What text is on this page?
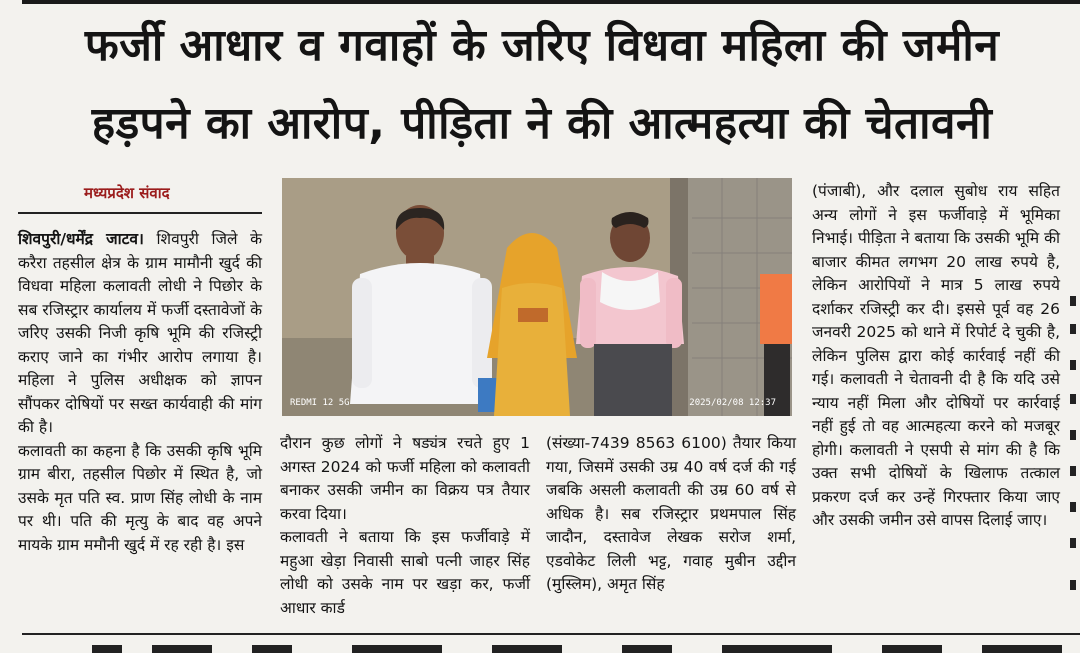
फर्जी आधार व गवाहों के जरिए विधवा महिला की जमीन
हड़पने का आरोप, पीड़िता ने की आत्महत्या की चेतावनी
मध्यप्रदेश संवाद

शिवपुरी/धर्मेंद्र जाटव। शिवपुरी जिले के करैरा तहसील क्षेत्र के ग्राम मामौनी खुर्द की विधवा महिला कलावती लोधी ने पिछोर के सब रजिस्ट्रार कार्यालय में फर्जी दस्तावेजों के जरिए उसकी निजी कृषि भूमि की रजिस्ट्री कराए जाने का गंभीर आरोप लगाया है। महिला ने पुलिस अधीक्षक को ज्ञापन सौंपकर दोषियों पर सख्त कार्यवाही की मांग की है।

कलावती का कहना है कि उसकी कृषि भूमि ग्राम बीरा, तहसील पिछोर में स्थित है, जो उसके मृत पति स्व. प्राण सिंह लोधी के नाम पर थी। पति की मृत्यु के बाद वह अपने मायके ग्राम ममौनी खुर्द में रह रही है। इस

REDMI 12 5G	2025/02/08 12:37

दौरान कुछ लोगों ने षड्यंत्र रचते हुए 1 अगस्त 2024 को फर्जी महिला को कलावती बनाकर उसकी जमीन का विक्रय पत्र तैयार करवा दिया।

कलावती ने बताया कि इस फर्जीवाड़े में महुआ खेड़ा निवासी साबो पत्नी जाहर सिंह लोधी को उसके नाम पर खड़ा कर, फर्जी आधार कार्ड

(संख्या-7439 8563 6100) तैयार किया गया, जिसमें उसकी उम्र 40 वर्ष दर्ज की गई जबकि असली कलावती की उम्र 60 वर्ष से अधिक है। सब रजिस्ट्रार प्रथमपाल सिंह जादौन, दस्तावेज लेखक सरोज शर्मा, एडवोकेट लिली भट्ट, गवाह मुबीन उद्दीन (मुस्लिम), अमृत सिंह

(पंजाबी), और दलाल सुबोध राय सहित अन्य लोगों ने इस फर्जीवाड़े में भूमिका निभाई। पीड़िता ने बताया कि उसकी भूमि की बाजार कीमत लगभग 20 लाख रुपये है, लेकिन आरोपियों ने मात्र 5 लाख रुपये दर्शाकर रजिस्ट्री कर दी। इससे पूर्व वह 26 जनवरी 2025 को थाने में रिपोर्ट दे चुकी है, लेकिन पुलिस द्वारा कोई कार्रवाई नहीं की गई। कलावती ने चेतावनी दी है कि यदि उसे न्याय नहीं मिला और दोषियों पर कार्रवाई नहीं हुई तो वह आत्महत्या करने को मजबूर होगी। कलावती ने एसपी से मांग की है कि उक्त सभी दोषियों के खिलाफ तत्काल प्रकरण दर्ज कर उन्हें गिरफ्तार किया जाए और उसकी जमीन उसे वापस दिलाई जाए।
